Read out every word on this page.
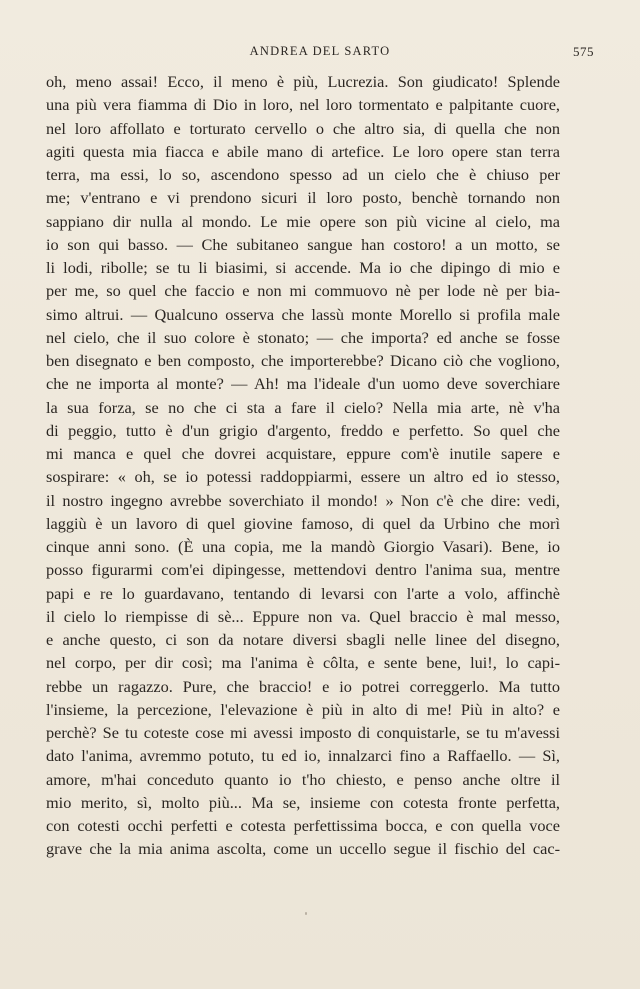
ANDREA DEL SARTO	575
oh, meno assai! Ecco, il meno è più, Lucrezia. Son giudicato! Splende
una più vera fiamma di Dio in loro, nel loro tormentato e palpitante cuore,
nel loro affollato e torturato cervello o che altro sia, di quella che non
agiti questa mia fiacca e abile mano di artefice. Le loro opere stan terra
terra, ma essi, lo so, ascendono spesso ad un cielo che è chiuso per
me; v'entrano e vi prendono sicuri il loro posto, benchè tornando non
sappiano dir nulla al mondo. Le mie opere son più vicine al cielo, ma
io son qui basso. — Che subitaneo sangue han costoro! a un motto, se
li lodi, ribolle; se tu li biasimi, si accende. Ma io che dipingo di mio e
per me, so quel che faccio e non mi commuovo nè per lode nè per bia-
simo altrui. — Qualcuno osserva che lassù monte Morello si profila male
nel cielo, che il suo colore è stonato; — che importa? ed anche se fosse
ben disegnato e ben composto, che importerebbe? Dicano ciò che vogliono,
che ne importa al monte? — Ah! ma l'ideale d'un uomo deve soverchiare
la sua forza, se no che ci sta a fare il cielo? Nella mia arte, nè v'ha
di peggio, tutto è d'un grigio d'argento, freddo e perfetto. So quel che
mi manca e quel che dovrei acquistare, eppure com'è inutile sapere e
sospirare: « oh, se io potessi raddoppiarmi, essere un altro ed io stesso,
il nostro ingegno avrebbe soverchiato il mondo! » Non c'è che dire: vedi,
laggiù è un lavoro di quel giovine famoso, di quel da Urbino che morì
cinque anni sono. (È una copia, me la mandò Giorgio Vasari). Bene, io
posso figurarmi com'ei dipingesse, mettendovi dentro l'anima sua, mentre
papi e re lo guardavano, tentando di levarsi con l'arte a volo, affinchè
il cielo lo riempisse di sè... Eppure non va. Quel braccio è mal messo,
e anche questo, ci son da notare diversi sbagli nelle linee del disegno,
nel corpo, per dir così; ma l'anima è côlta, e sente bene, lui!, lo capi-
rebbe un ragazzo. Pure, che braccio! e io potrei correggerlo. Ma tutto
l'insieme, la percezione, l'elevazione è più in alto di me! Più in alto? e
perchè? Se tu coteste cose mi avessi imposto di conquistarle, se tu m'avessi
dato l'anima, avremmo potuto, tu ed io, innalzarci fino a Raffaello. — Sì,
amore, m'hai conceduto quanto io t'ho chiesto, e penso anche oltre il
mio merito, sì, molto più... Ma se, insieme con cotesta fronte perfetta,
con cotesti occhi perfetti e cotesta perfettissima bocca, e con quella voce
grave che la mia anima ascolta, come un uccello segue il fischio del cac-
